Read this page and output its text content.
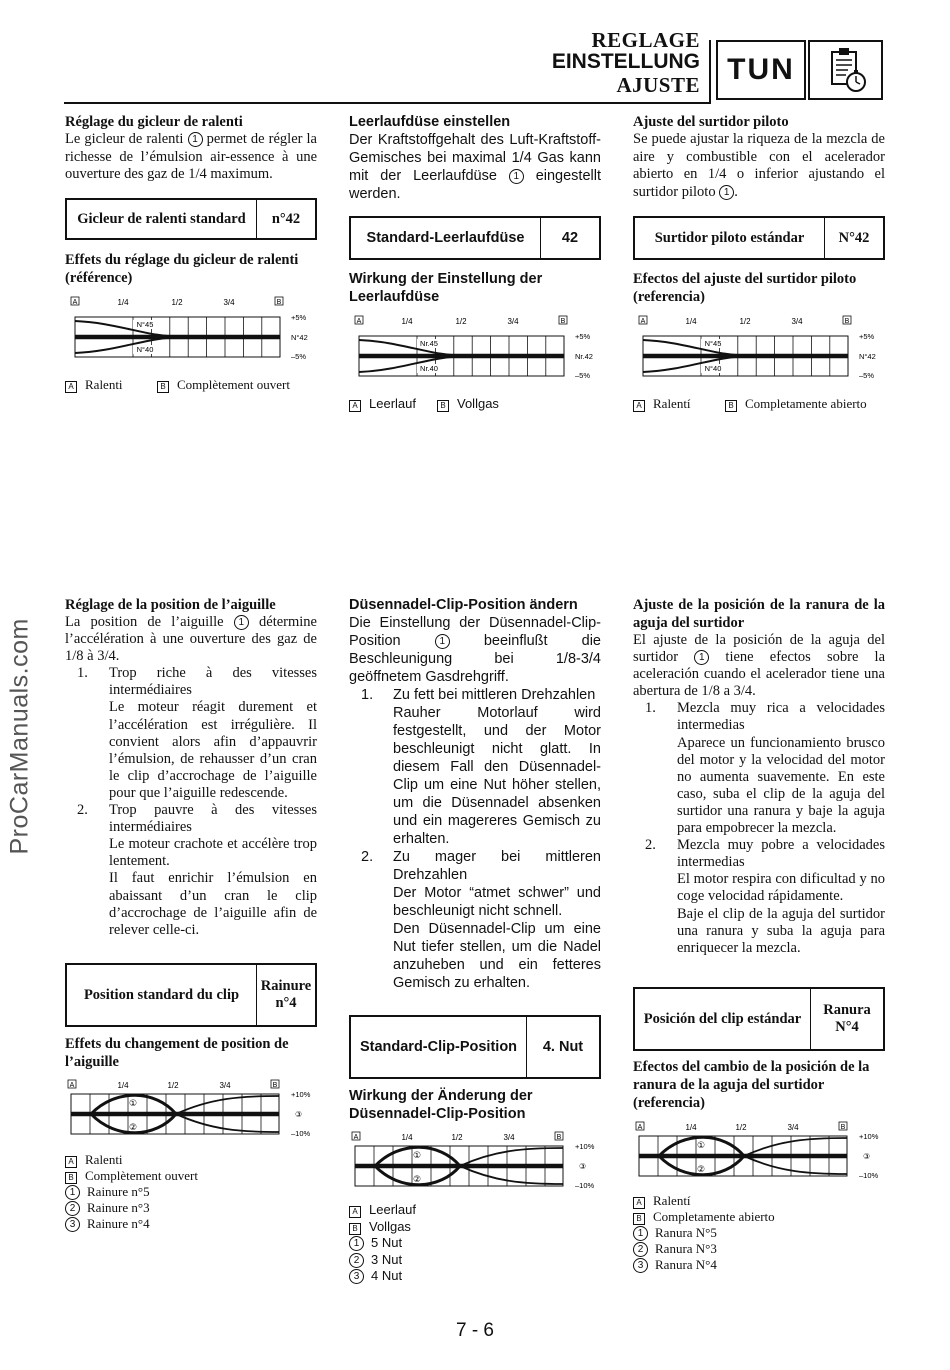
REGLAGE
EINSTELLUNG
AJUSTE TUN
ProCarManuals.com
Réglage du gicleur de ralenti

Le gicleur de ralenti 1 permet de régler la richesse de l’émulsion air-essence à une ouverture des gaz de 1/4 maximum.

Gicleur de ralenti standard	n°42
Effets du réglage du gicleur de ralenti (référence)
A	B
1/4	1/2	3/4
N°45
N°40
+5%
N°42
–5%
A Ralenti	B Complètement ouvert
Leerlaufdüse einstellen

Der Kraftstoffgehalt des Luft-Kraftstoff-Gemisches bei maximal 1/4 Gas kann mit der Leerlaufdüse 1 eingestellt werden.

Standard-Leerlaufdüse	42
Wirkung der Einstellung der Leerlaufdüse
A	B
1/4	1/2	3/4
Nr.45
Nr.40
+5%
Nr.42
–5%
A Leerlauf	B Vollgas
Ajuste del surtidor piloto

Se puede ajustar la riqueza de la mezcla de aire y combustible con el acelerador abierto en 1/4 o inferior ajustando el surtidor piloto 1 .

Surtidor piloto estándar	N°42
Efectos del ajuste del surtidor piloto (referencia)
A	B
1/4	1/2	3/4
N°45
N°40
+5%
N°42
–5%
A Ralentí	B Completamente abierto
Réglage de la position de l’aiguille

La position de l’aiguille 1 détermine l’accélération à une ouverture des gaz de 1/8 à 3/4.

1.	Trop riche à des vitesses intermédiaires
Le moteur réagit durement et l’accélération est irrégulière. Il convient alors afin d’appauvrir l’émulsion, de rehausser d’un cran le clip d’accrochage de l’aiguille pour que l’aiguille redescende.
2.	Trop pauvre à des vitesses intermédiaires
Le moteur crachote et accélère trop lentement.
Il faut enrichir l’émulsion en abaissant d’un cran le clip d’accrochage de l’aiguille afin de relever celle-ci.
Position standard du clip
Rainure n°4
Effets du changement de position de l’aiguille
A	B
1/4	1/2	3/4
①
②
+10%
③
–10%
A Ralenti
B Complètement ouvert
1 Rainure n°5
2 Rainure n°3
3 Rainure n°4
Düsennadel-Clip-Position ändern

Die Einstellung der Düsennadel-Clip-Position 1 beeinflußt die Beschleunigung bei 1/8-3/4 geöffnetem Gasdrehgriff.

1.	Zu fett bei mittleren Drehzahlen
Rauher Motorlauf wird festgestellt, und der Motor beschleunigt nicht glatt. In diesem Fall den Düsennadel-Clip um eine Nut höher stellen, um die Düsennadel absenken und ein magereres Gemisch zu erhalten.
2.	Zu mager bei mittleren Drehzahlen
Der Motor “atmet schwer” und beschleunigt nicht schnell.
Den Düsennadel-Clip um eine Nut tiefer stellen, um die Nadel anzuheben und ein fetteres Gemisch zu erhalten.
Standard-Clip-Position	4. Nut
Wirkung der Änderung der Düsennadel-Clip-Position
A	B
1/4	1/2	3/4
①
②
+10%
③
–10%
A Leerlauf
B Vollgas
1 5 Nut
2 3 Nut
3 4 Nut
Ajuste de la posición de la ranura de la aguja del surtidor

El ajuste de la posición de la aguja del surtidor 1 tiene efectos sobre la aceleración cuando el acelerador tiene una abertura de 1/8 a 3/4.

1.	Mezcla muy rica a velocidades intermedias
Aparece un funcionamiento brusco del motor y la velocidad del motor no aumenta suavemente. En este caso, suba el clip de la aguja del surtidor una ranura y baje la aguja para empobrecer la mezcla.
2.	Mezcla muy pobre a velocidades intermedias
El motor respira con dificultad y no coge velocidad rápidamente.
Baje el clip de la aguja del surtidor una ranura y suba la aguja para enriquecer la mezcla.
Posición del clip estándar
Ranura N°4
Efectos del cambio de la posición de la ranura de la aguja del surtidor (referencia)
A	B
1/4	1/2	3/4
①
②
+10%
③
–10%
A Ralentí
B Completamente abierto
1 Ranura N°5
2 Ranura N°3
3 Ranura N°4
7 - 6
